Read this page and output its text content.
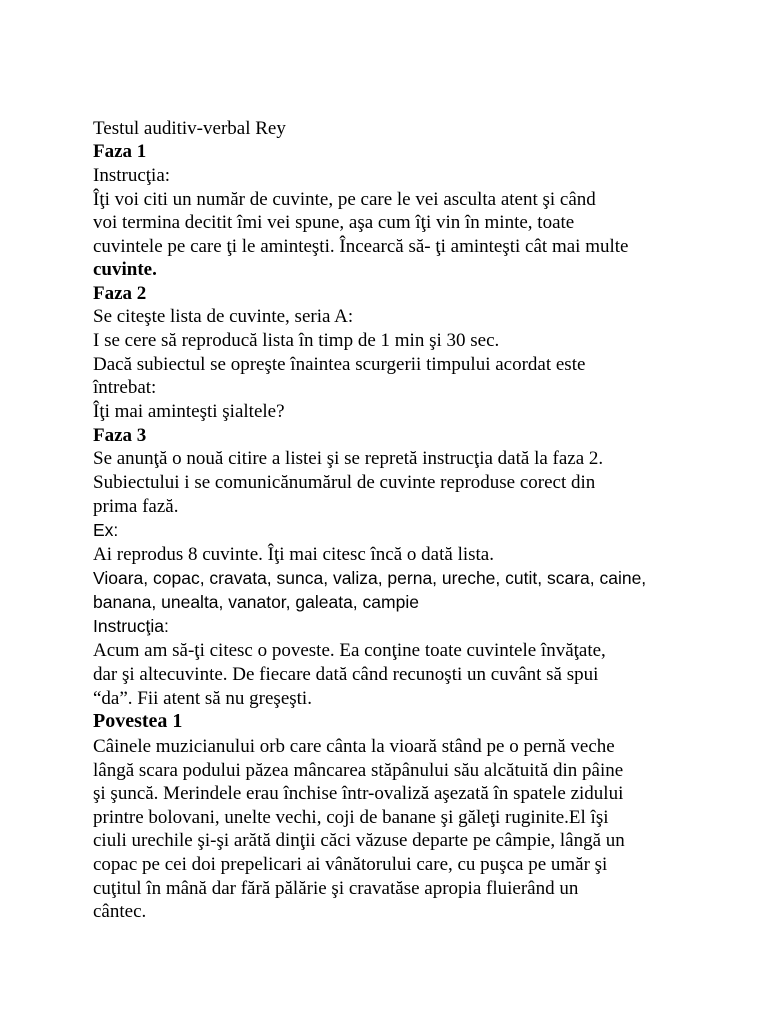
Testul auditiv-verbal Rey
Faza 1
Instrucţia:
Îţi voi citi un număr de cuvinte, pe care le vei asculta atent şi când
voi termina decitit îmi vei spune, aşa cum îţi vin în minte, toate
cuvintele pe care ţi le aminteşti. Încearcă să- ţi aminteşti cât mai multe
cuvinte.
Faza 2
Se citeşte lista de cuvinte, seria A:
I se cere să reproducă lista în timp de 1 min şi 30 sec.
Dacă subiectul se opreşte înaintea scurgerii timpului acordat este
întrebat:
Îţi mai aminteşti şialtele?
Faza 3
Se anunţă o nouă citire a listei şi se repretă instrucţia dată la faza 2.
Subiectului i se comunicănumărul de cuvinte reproduse corect din
prima fază.
Ex:
Ai reprodus 8 cuvinte. Îţi mai citesc încă o dată lista.
Vioara, copac, cravata, sunca, valiza, perna, ureche, cutit, scara, caine,
banana, unealta, vanator, galeata, campie
Instrucţia:
Acum am să-ţi citesc o poveste. Ea conţine toate cuvintele învăţate,
dar şi altecuvinte. De fiecare dată când recunoşti un cuvânt să spui
“da”. Fii atent să nu greşeşti.
Povestea 1
Câinele muzicianului orb care cânta la vioară stând pe o pernă veche
lângă scara podului păzea mâncarea stăpânului său alcătuită din pâine
şi şuncă. Merindele erau închise într-ovaliză aşezată în spatele zidului
printre bolovani, unelte vechi, coji de banane şi găleţi ruginite.El îşi
ciuli urechile şi-şi arătă dinţii căci văzuse departe pe câmpie, lângă un
copac pe cei doi prepelicari ai vânătorului care, cu puşca pe umăr şi
cuţitul în mână dar fără pălărie şi cravatăse apropia fluierând un
cântec.
